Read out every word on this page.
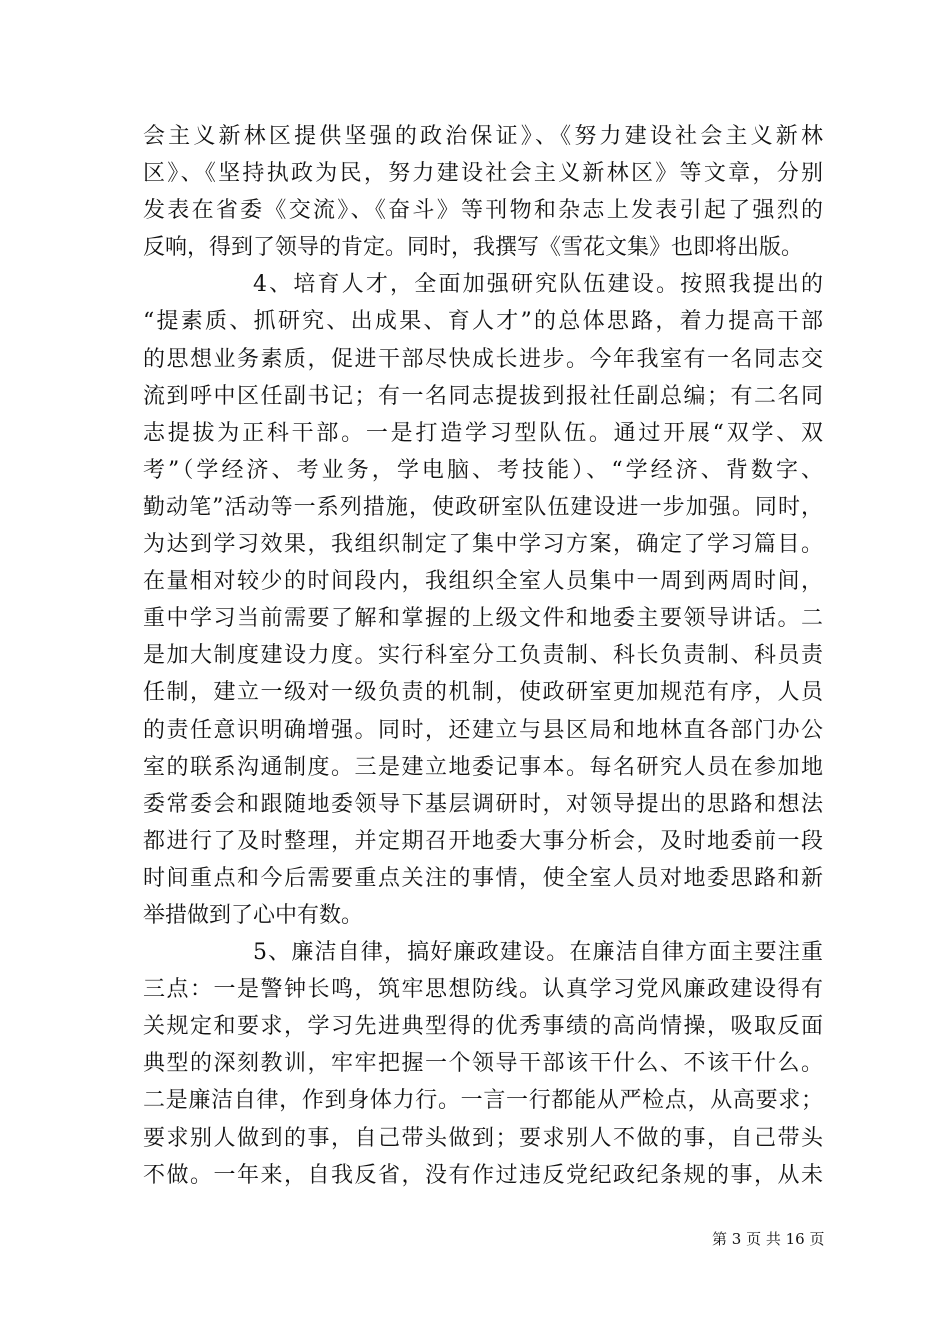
会主义新林区提供坚强的政治保证》、《努力建设社会主义新林
区》、《坚持执政为民，努力建设社会主义新林区》等文章，分别
发表在省委《交流》、《奋斗》等刊物和杂志上发表引起了强烈的
反响，得到了领导的肯定。同时，我撰写《雪花文集》也即将出版。
4、培育人才，全面加强研究队伍建设。按照我提出的
“提素质、抓研究、出成果、育人才”的总体思路，着力提高干部
的思想业务素质，促进干部尽快成长进步。今年我室有一名同志交
流到呼中区任副书记；有一名同志提拔到报社任副总编；有二名同
志提拔为正科干部。一是打造学习型队伍。通过开展“双学、双
考”（学经济、考业务，学电脑、考技能）、“学经济、背数字、
勤动笔”活动等一系列措施，使政研室队伍建设进一步加强。同时，
为达到学习效果，我组织制定了集中学习方案，确定了学习篇目。
在量相对较少的时间段内，我组织全室人员集中一周到两周时间，
重中学习当前需要了解和掌握的上级文件和地委主要领导讲话。二
是加大制度建设力度。实行科室分工负责制、科长负责制、科员责
任制，建立一级对一级负责的机制，使政研室更加规范有序，人员
的责任意识明确增强。同时，还建立与县区局和地林直各部门办公
室的联系沟通制度。三是建立地委记事本。每名研究人员在参加地
委常委会和跟随地委领导下基层调研时，对领导提出的思路和想法
都进行了及时整理，并定期召开地委大事分析会，及时地委前一段
时间重点和今后需要重点关注的事情，使全室人员对地委思路和新
举措做到了心中有数。
5、廉洁自律，搞好廉政建设。在廉洁自律方面主要注重
三点：一是警钟长鸣，筑牢思想防线。认真学习党风廉政建设得有
关规定和要求，学习先进典型得的优秀事绩的高尚情操，吸取反面
典型的深刻教训，牢牢把握一个领导干部该干什么、不该干什么。
二是廉洁自律，作到身体力行。一言一行都能从严检点，从高要求；
要求别人做到的事，自己带头做到；要求别人不做的事，自己带头
不做。一年来，自我反省，没有作过违反党纪政纪条规的事，从未
第 3 页 共 16 页
